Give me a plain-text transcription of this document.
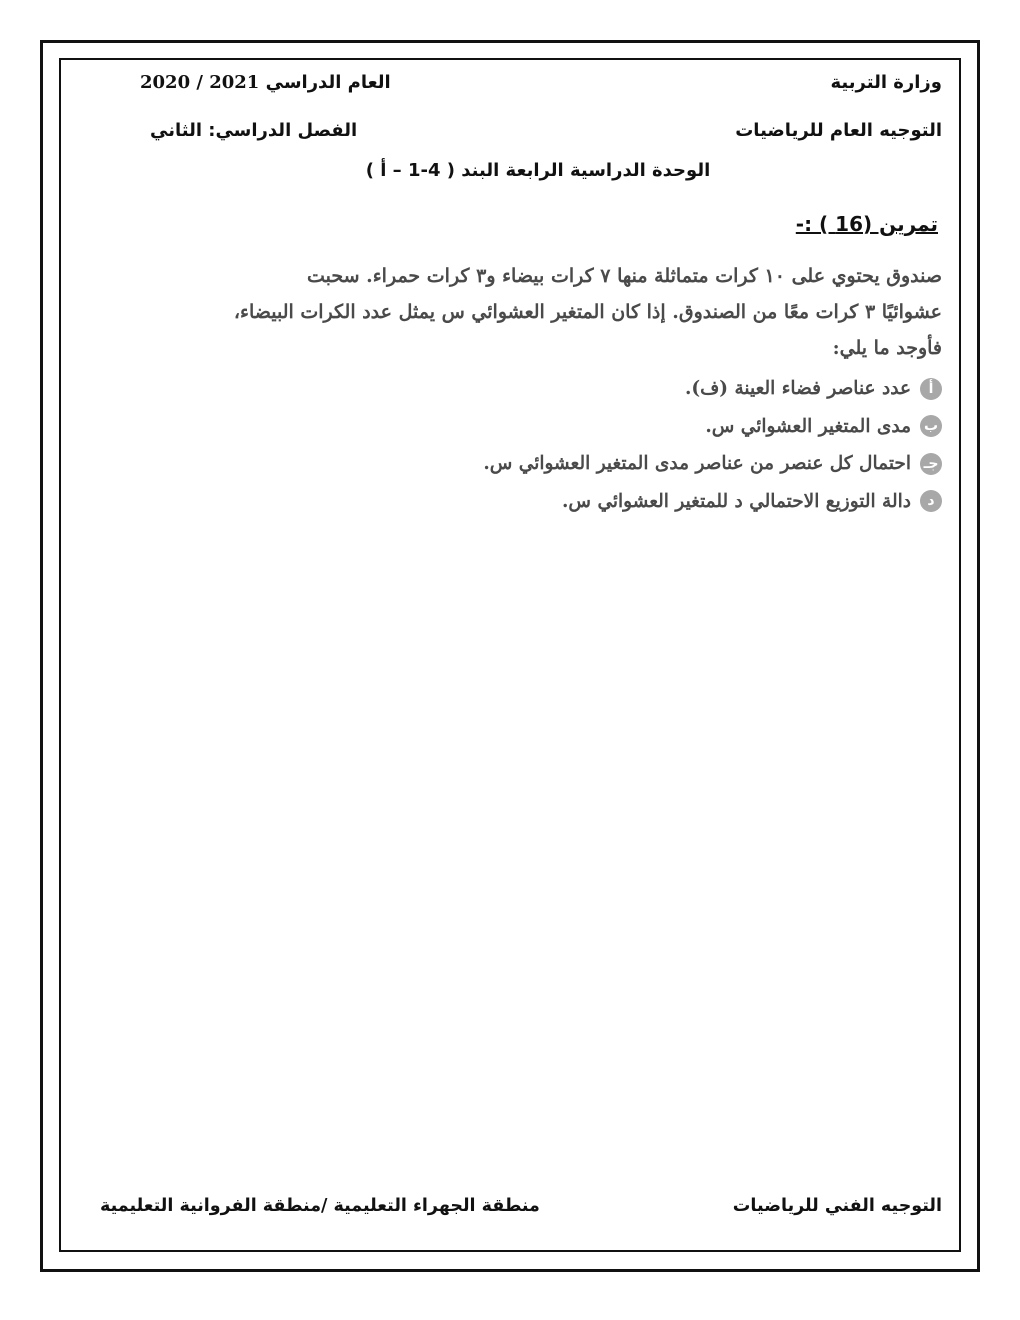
وزارة التربية
العام الدراسي 2021 / 2020
التوجيه العام للرياضيات
الفصل الدراسي: الثاني
الوحدة الدراسية الرابعة البند ( 4-1 – أ )
تمرين (16 ) :-
صندوق يحتوي على ١٠ كرات متماثلة منها ٧ كرات بيضاء و٣ كرات حمراء. سحبت
عشوائيًا ٣ كرات معًا من الصندوق. إذا كان المتغير العشوائي س يمثل عدد الكرات البيضاء،
فأوجد ما يلي:
أ
عدد عناصر فضاء العينة (ف).
ب
مدى المتغير العشوائي س.
جـ
احتمال كل عنصر من عناصر مدى المتغير العشوائي س.
د
دالة التوزيع الاحتمالي د للمتغير العشوائي س.
التوجيه الفني للرياضيات
منطقة الجهراء التعليمية /منطقة الفروانية التعليمية
